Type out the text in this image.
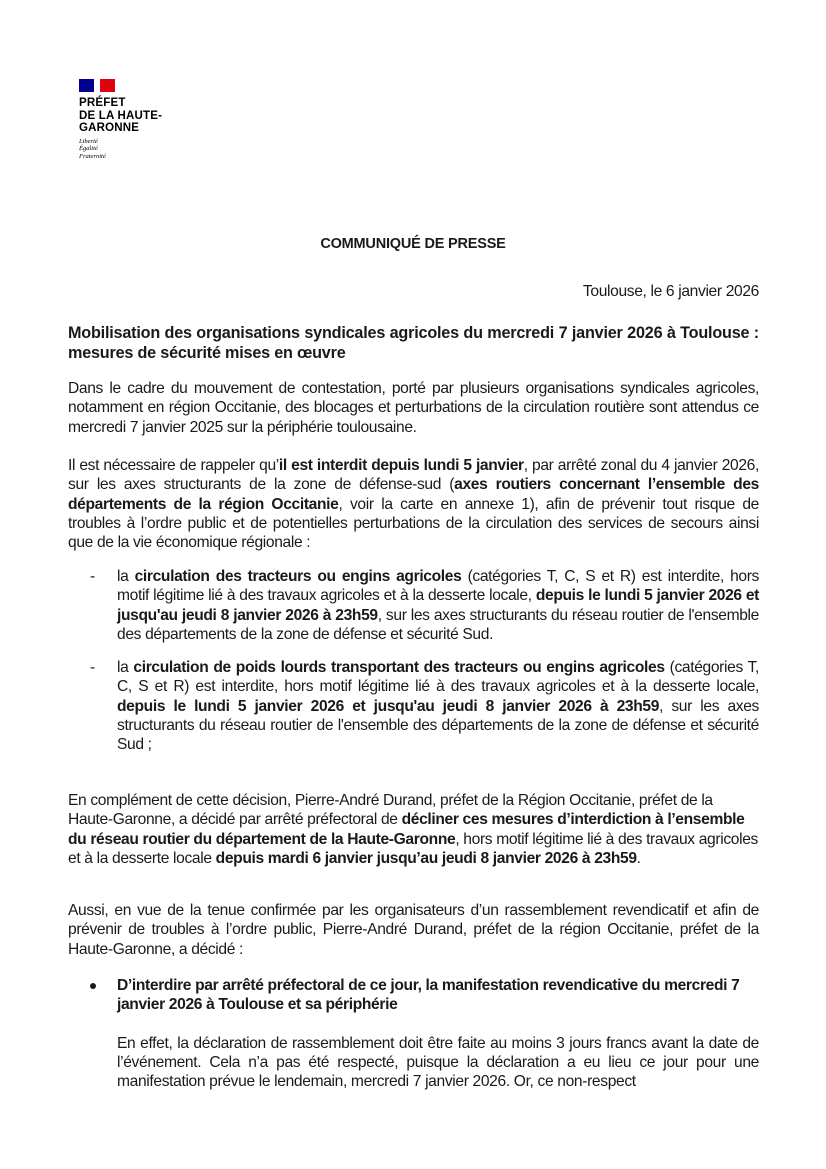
PRÉFET
DE LA HAUTE-
GARONNE
Liberté
Égalité
Fraternité
COMMUNIQUÉ DE PRESSE
Toulouse, le 6 janvier 2026
Mobilisation des organisations syndicales agricoles du mercredi 7 janvier 2026 à Toulouse : mesures de sécurité mises en œuvre
Dans le cadre du mouvement de contestation, porté par plusieurs organisations syndicales agricoles, notamment en région Occitanie, des blocages et perturbations de la circulation routière sont attendus ce mercredi 7 janvier 2025 sur la périphérie toulousaine.
Il est nécessaire de rappeler qu’il est interdit depuis lundi 5 janvier, par arrêté zonal du 4 janvier 2026, sur les axes structurants de la zone de défense-sud (axes routiers concernant l’ensemble des départements de la région Occitanie, voir la carte en annexe 1), afin de prévenir tout risque de troubles à l’ordre public et de potentielles perturbations de la circulation des services de secours ainsi que de la vie économique régionale :
- la circulation des tracteurs ou engins agricoles (catégories T, C, S et R) est interdite, hors motif légitime lié à des travaux agricoles et à la desserte locale, depuis le lundi 5 janvier 2026 et jusqu'au jeudi 8 janvier 2026 à 23h59, sur les axes structurants du réseau routier de l'ensemble des départements de la zone de défense et sécurité Sud.
- la circulation de poids lourds transportant des tracteurs ou engins agricoles (catégories T, C, S et R) est interdite, hors motif légitime lié à des travaux agricoles et à la desserte locale, depuis le lundi 5 janvier 2026 et jusqu'au jeudi 8 janvier 2026 à 23h59, sur les axes structurants du réseau routier de l'ensemble des départements de la zone de défense et sécurité Sud ;
En complément de cette décision, Pierre-André Durand, préfet de la Région Occitanie, préfet de la Haute-Garonne, a décidé par arrêté préfectoral de décliner ces mesures d’interdiction à l’ensemble du réseau routier du département de la Haute-Garonne, hors motif légitime lié à des travaux agricoles et à la desserte locale depuis mardi 6 janvier jusqu’au jeudi 8 janvier 2026 à 23h59.
Aussi, en vue de la tenue confirmée par les organisateurs d’un rassemblement revendicatif et afin de prévenir de troubles à l’ordre public, Pierre-André Durand, préfet de la région Occitanie, préfet de la Haute-Garonne, a décidé :
D’interdire par arrêté préfectoral de ce jour, la manifestation revendicative du mercredi 7 janvier 2026 à Toulouse et sa périphérie
En effet, la déclaration de rassemblement doit être faite au moins 3 jours francs avant la date de l’événement. Cela n’a pas été respecté, puisque la déclaration a eu lieu ce jour pour une manifestation prévue le lendemain, mercredi 7 janvier 2026. Or, ce non-respect
